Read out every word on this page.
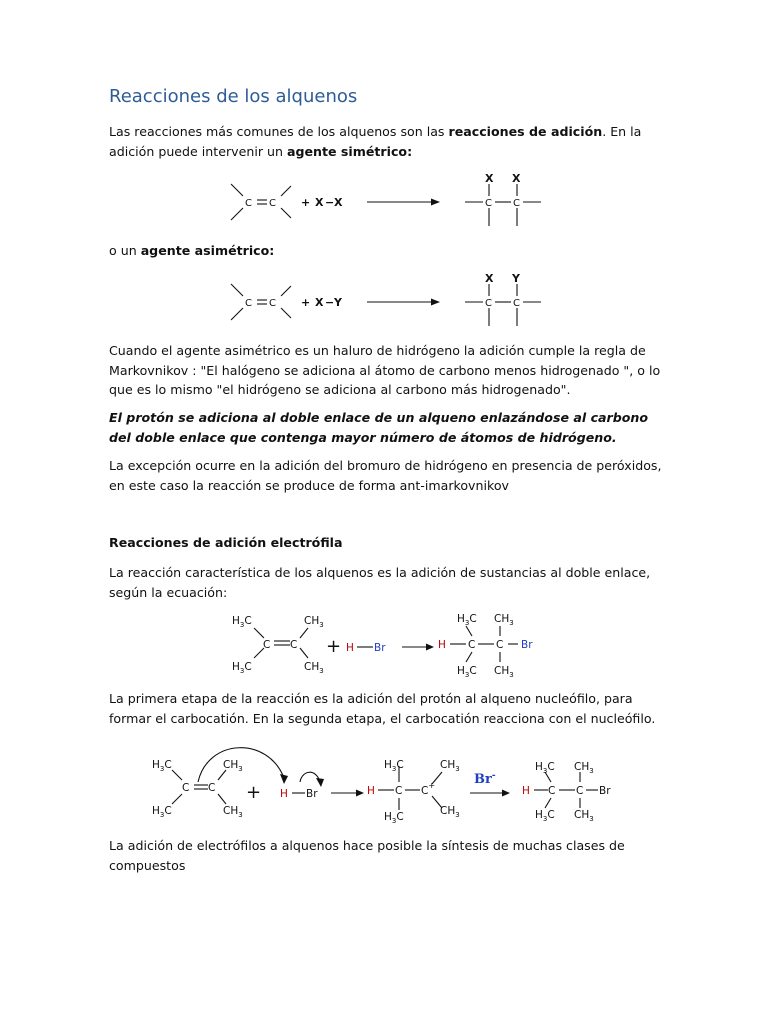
Reacciones de los alquenos

Las reacciones más comunes de los alquenos son las reacciones de adición. En la adición puede intervenir un agente simétrico:

C C	C C
+ X − X
X X

o un agente asimétrico:

C C	C C
+ X − Y
X Y

Cuando el agente asimétrico es un haluro de hidrógeno la adición cumple la regla de Markovnikov : "El halógeno se adiciona al átomo de carbono menos hidrogenado ", o lo que es lo mismo "el hidrógeno se adiciona al carbono más hidrogenado".

El protón se adiciona al doble enlace de un alqueno enlazándose al carbono del doble enlace que contenga mayor número de átomos de hidrógeno.

La excepción ocurre en la adición del bromuro de hidrógeno en presencia de peróxidos, en este caso la reacción se produce de forma ant-imarkovnikov

Reacciones de adición electrófila

La reacción característica de los alquenos es la adición de sustancias al doble enlace, según la ecuación:

$H_3C$
$H_3C$
C C
$CH_3$
$CH_3$
+ H Br	H
$H_3C$
$H_3C$
C C
$CH_3$
$CH_3$
Br

La primera etapa de la reacción es la adición del protón al alqueno nucleófilo, para formar el carbocatión. En la segunda etapa, el carbocatión reacciona con el nucleófilo.

$H_3C$
$H_3C$
C C
$CH_3$
$CH_3$
+ H Br	H
$H_3C$
$H_3C$
C C+
$CH_3$
$CH_3$
H
$H_3C$
$H_3C$
C C
$CH_3$
$CH_3$
Br
Br-

La adición de electrófilos a alquenos hace posible la síntesis de muchas clases de compuestos
